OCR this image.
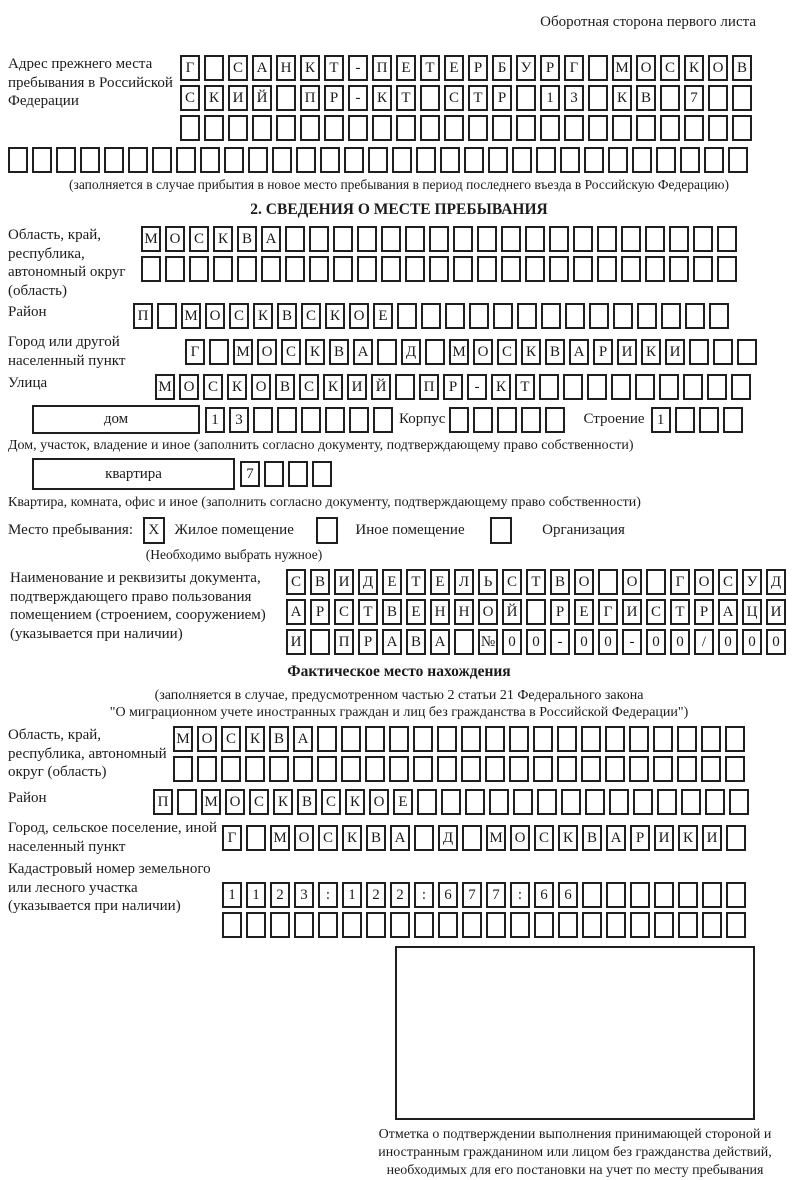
Оборотная сторона первого листа
Адрес прежнего места пребывания в Российской Федерации
Г	С А Н К Т	-	П Е Т Е	Р	Б У Р	Г	М О С К О В
С К И Й	П Р	-	К Т	С Т	Р	1	3	К В	7
(заполняется в случае прибытия в новое место пребывания в период последнего въезда в Российскую Федерацию)
2. СВЕДЕНИЯ О МЕСТЕ ПРЕБЫВАНИЯ
Область, край, республика, автономный округ (область)
М О С К В А
Район	П	М О С К В С К О Е
Город или другой населенный пункт
Г	М О С К В А	Д	М О С К В А Р И К И
Улица	М О С К О В С К И Й	П Р	-	К Т
дом	1	3	Корпус	Строение 1
Дом, участок, владение и иное (заполнить согласно документу, подтверждающему право собственности)
квартира	7
Квартира, комната, офис и иное (заполнить согласно документу, подтверждающему право собственности)
Место пребывания: X Жилое помещение	Иное помещение	Организация
(Необходимо выбрать нужное)
Наименование и реквизиты документа, подтверждающего право пользования помещением (строением, сооружением) (указывается при наличии)
С В И Д Е Т Е Л Ь С Т В О	О	Г О С У Д
А Р С Т В Е Н Н О Й	Р	Е	Г И С Т	Р А Ц И
И	П Р А В А	№ 0	0	-	0	0	-	0	0	/	0	0	0
Фактическое место нахождения
(заполняется в случае, предусмотренном частью 2 статьи 21 Федерального закона
"О миграционном учете иностранных граждан и лиц без гражданства в Российской Федерации")
Область, край, республика, автономный округ (область)
М О С К В А
Район	П	М О С К В С К О Е
Город, сельское поселение, иной населенный пункт
Г	М О С К В А	Д	М О С К В А Р И К И
Кадастровый номер земельного или лесного участка (указывается при наличии)
1	1	2	3	:	1	2	2	:	6	7	7	:	6	6
Отметка о подтверждении выполнения принимающей стороной и иностранным гражданином или лицом без гражданства действий, необходимых для его постановки на учет по месту пребывания
